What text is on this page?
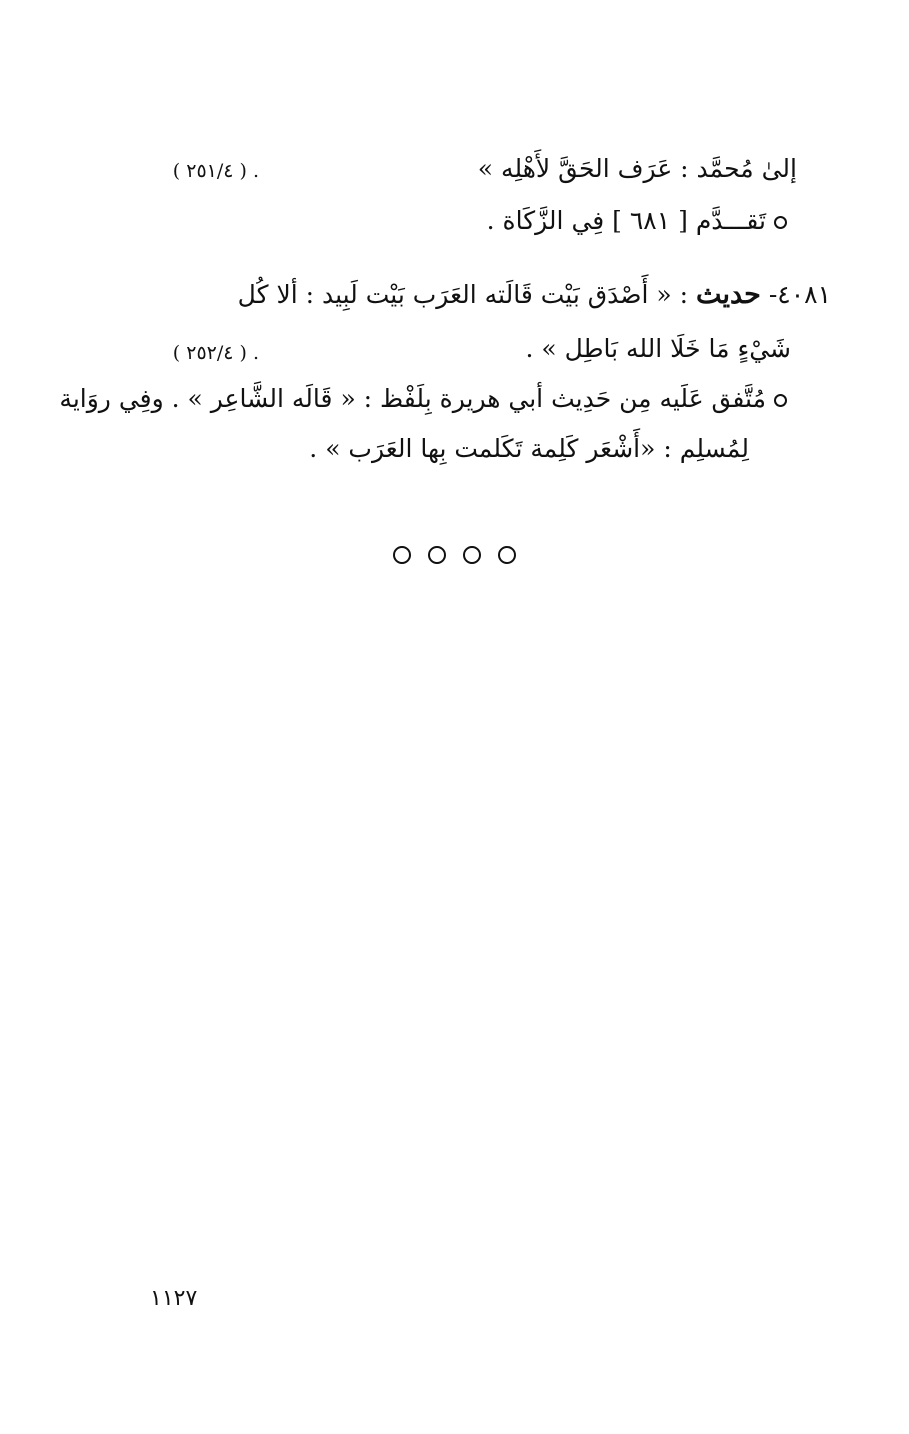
إلىٰ مُحمَّد : عَرَف الحَقَّ لأَهْلِه »
. ( ٢٥١/٤ )
تَقـــدَّم [ ٦٨١ ] فِي الزَّكَاة .
٤٠٨١- حديث : « أَصْدَق بَيْت قَالَته العَرَب بَيْت لَبِيد : ألا كُل
شَيْءٍ مَا خَلَا الله بَاطِل » .
. ( ٢٥٢/٤ )
مُتَّفق عَلَيه مِن حَدِيث أبي هريرة بِلَفْظ : « قَالَه الشَّاعِر » . وفِي روَاية
لِمُسلِم : «أَشْعَر كَلِمة تَكَلمت بِها العَرَب » .

١١٢٧
